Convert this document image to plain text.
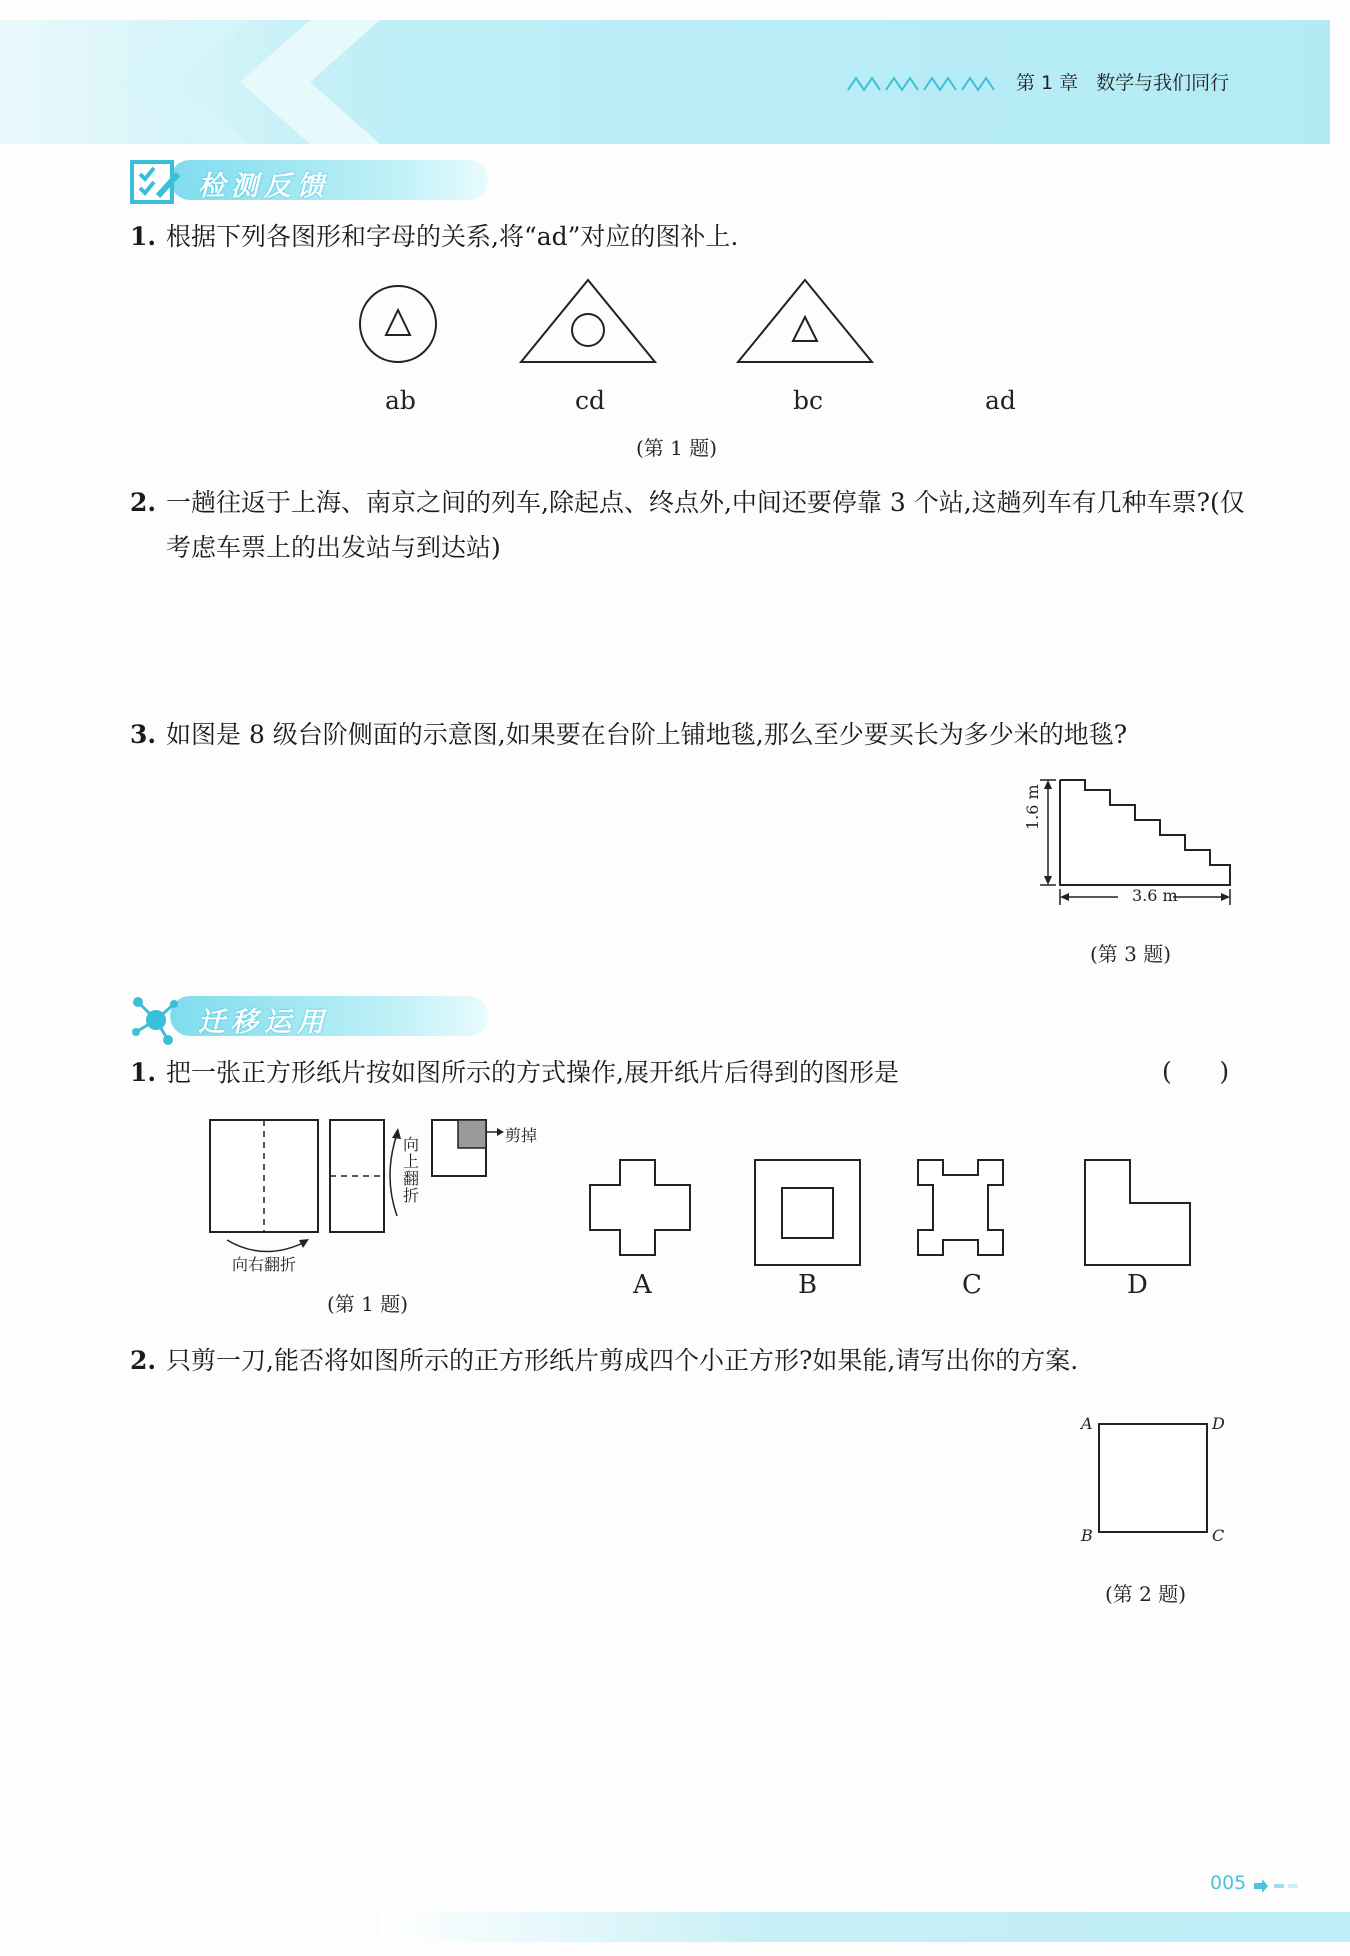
第 1 章 数学与我们同行
检测反馈
1. 根据下列各图形和字母的关系,将“ad”对应的图补上.
ab	cd	bc	ad
(第 1 题)
2. 一趟往返于上海、南京之间的列车,除起点、终点外,中间还要停靠 3 个站,这趟列车有几种车票?(仅考虑车票上的出发站与到达站)
3. 如图是 8 级台阶侧面的示意图,如果要在台阶上铺地毯,那么至少要买长为多少米的地毯?
3.6 m
1.6 m
(第 3 题)
迁移运用
1. 把一张正方形纸片按如图所示的方式操作,展开纸片后得到的图形是	(      )
剪掉
向上翻折
向右翻折
(第 1 题)
A	B	C	D
2. 只剪一刀,能否将如图所示的正方形纸片剪成四个小正方形?如果能,请写出你的方案.
A	D
B	C
(第 2 题)
005
